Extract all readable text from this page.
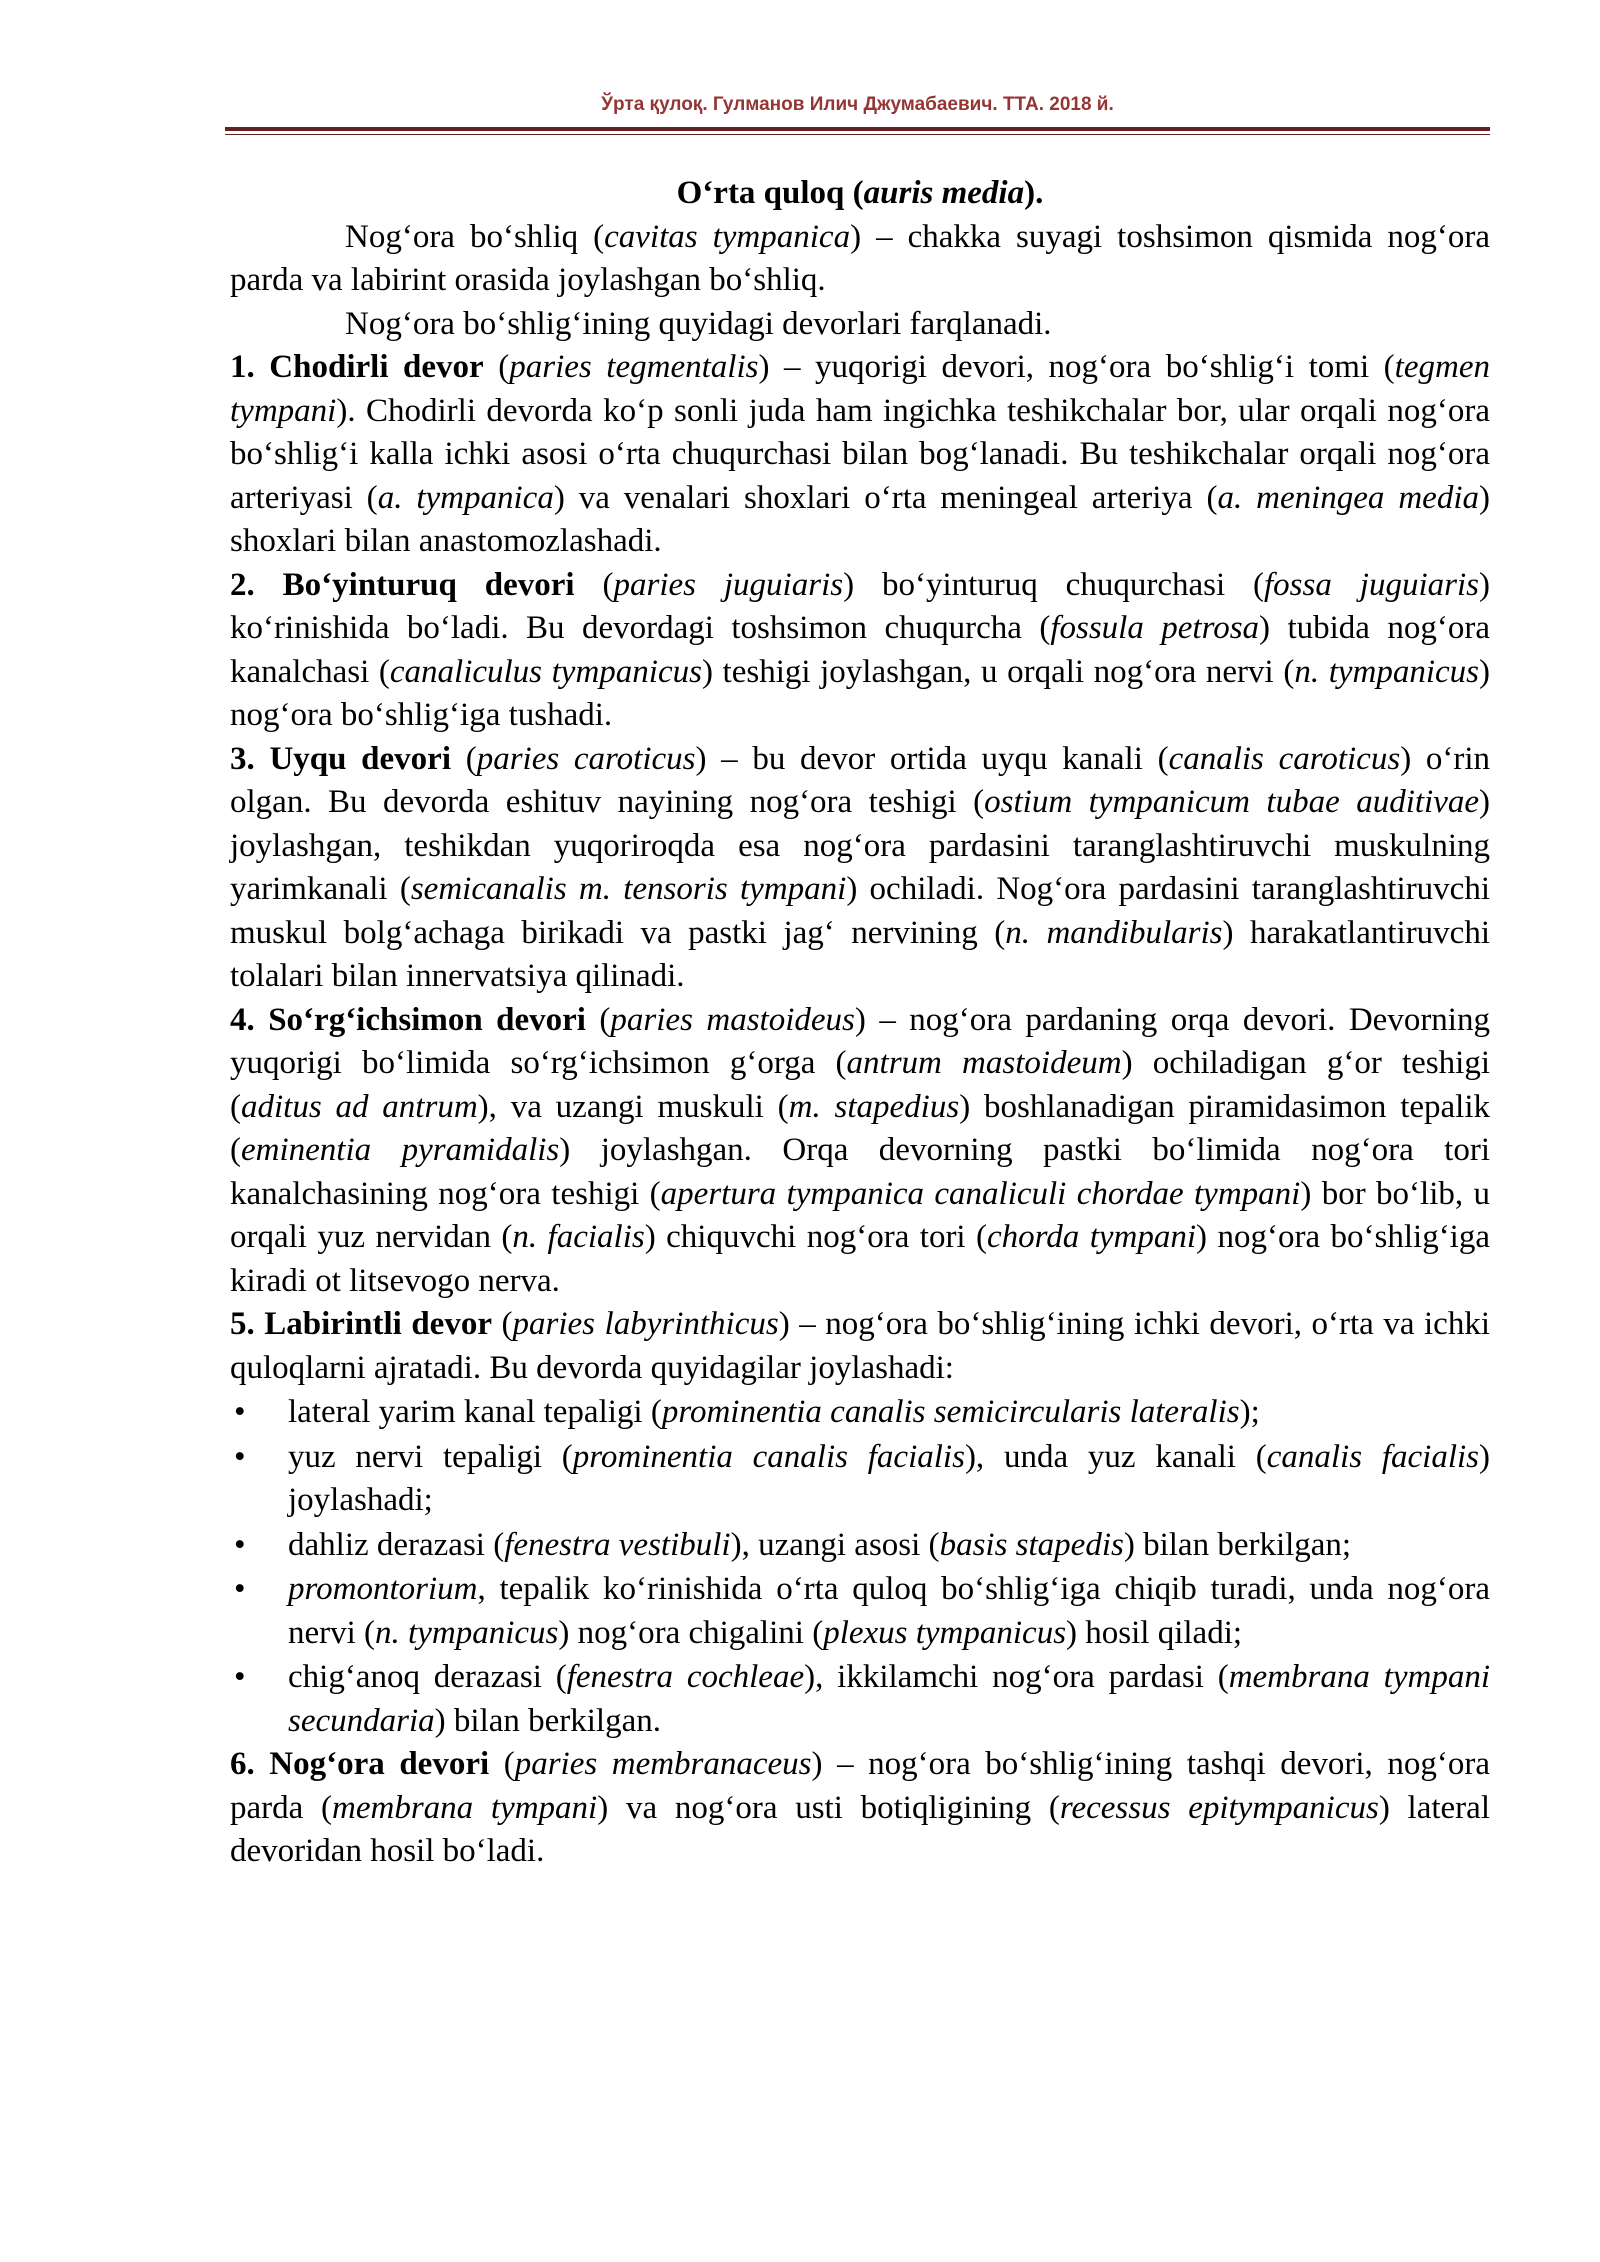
Ўрта қулоқ. Гулманов Илич Джумабаевич. ТТА. 2018 й.

O‘rta quloq (auris media).

Nog‘ora bo‘shliq (cavitas tympanica) – chakka suyagi toshsimon qismida nog‘ora parda va labirint orasida joylashgan bo‘shliq.

Nog‘ora bo‘shlig‘ining quyidagi devorlari farqlanadi.

1. Chodirli devor (paries tegmentalis) – yuqorigi devori, nog‘ora bo‘shlig‘i tomi (tegmen tympani). Chodirli devorda ko‘p sonli juda ham ingichka teshikchalar bor, ular orqali nog‘ora bo‘shlig‘i kalla ichki asosi o‘rta chuqurchasi bilan bog‘lanadi. Bu teshikchalar orqali nog‘ora arteriyasi (a. tympanica) va venalari shoxlari o‘rta meningeal arteriya (a. meningea media) shoxlari bilan anastomozlashadi.

2. Bo‘yinturuq devori (paries juguiaris) bo‘yinturuq chuqurchasi (fossa juguiaris) ko‘rinishida bo‘ladi. Bu devordagi toshsimon chuqurcha (fossula petrosa) tubida nog‘ora kanalchasi (canaliculus tympanicus) teshigi joylashgan, u orqali nog‘ora nervi (n. tympanicus) nog‘ora bo‘shlig‘iga tushadi.

3. Uyqu devori (paries caroticus) – bu devor ortida uyqu kanali (canalis caroticus) o‘rin olgan. Bu devorda eshituv nayining nog‘ora teshigi (ostium tympanicum tubae auditivae) joylashgan, teshikdan yuqoriroqda esa nog‘ora pardasini taranglashtiruvchi muskulning yarimkanali (semicanalis m. tensoris tympani) ochiladi. Nog‘ora pardasini taranglashtiruvchi muskul bolg‘achaga birikadi va pastki jag‘ nervining (n. mandibularis) harakatlantiruvchi tolalari bilan innervatsiya qilinadi.

4. So‘rg‘ichsimon devori (paries mastoideus) – nog‘ora pardaning orqa devori. Devorning yuqorigi bo‘limida so‘rg‘ichsimon g‘orga (antrum mastoideum) ochiladigan g‘or teshigi (aditus ad antrum), va uzangi muskuli (m. stapedius) boshlanadigan piramidasimon tepalik (eminentia pyramidalis) joylashgan. Orqa devorning pastki bo‘limida nog‘ora tori kanalchasining nog‘ora teshigi (apertura tympanica canaliculi chordae tympani) bor bo‘lib, u orqali yuz nervidan (n. facialis) chiquvchi nog‘ora tori (chorda tympani) nog‘ora bo‘shlig‘iga kiradi ot litsevogo nerva.

5. Labirintli devor (paries labyrinthicus) – nog‘ora bo‘shlig‘ining ichki devori, o‘rta va ichki quloqlarni ajratadi. Bu devorda quyidagilar joylashadi:

• lateral yarim kanal tepaligi (prominentia canalis semicircularis lateralis);
• yuz nervi tepaligi (prominentia canalis facialis), unda yuz kanali (canalis facialis) joylashadi;
• dahliz derazasi (fenestra vestibuli), uzangi asosi (basis stapedis) bilan berkilgan;
• promontorium, tepalik ko‘rinishida o‘rta quloq bo‘shlig‘iga chiqib turadi, unda nog‘ora nervi (n. tympanicus) nog‘ora chigalini (plexus tympanicus) hosil qiladi;
• chig‘anoq derazasi (fenestra cochleae), ikkilamchi nog‘ora pardasi (membrana tympani secundaria) bilan berkilgan.

6. Nog‘ora devori (paries membranaceus) – nog‘ora bo‘shlig‘ining tashqi devori, nog‘ora parda (membrana tympani) va nog‘ora usti botiqligining (recessus epitympanicus) lateral devoridan hosil bo‘ladi.
